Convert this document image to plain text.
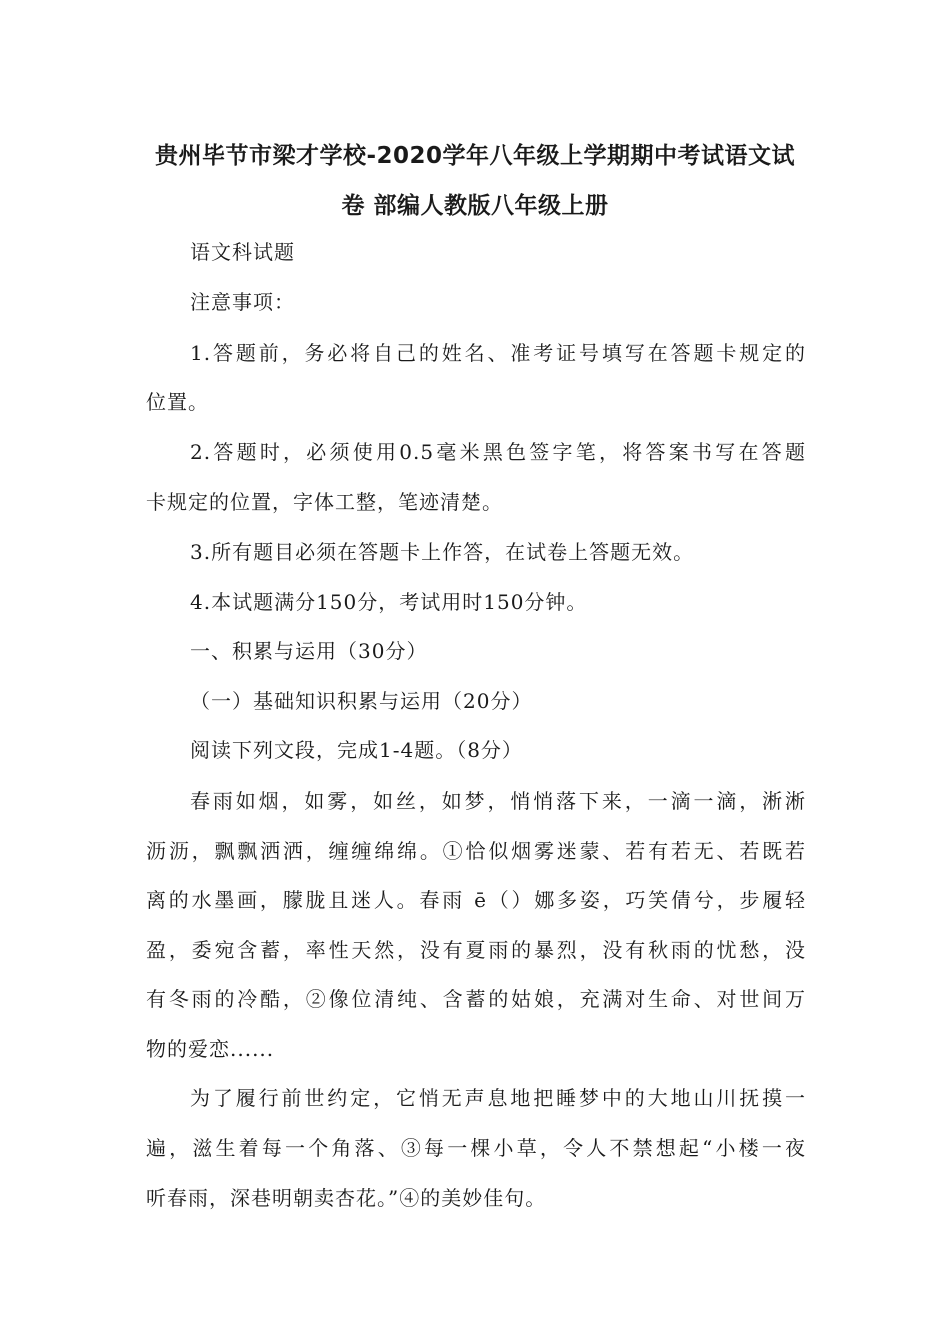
贵州毕节市梁才学校-2020学年八年级上学期期中考试语文试
卷 部编人教版八年级上册
语文科试题
注意事项：
1.答题前，务必将自己的姓名、准考证号填写在答题卡规定的
位置。
2.答题时，必须使用0.5毫米黑色签字笔，将答案书写在答题
卡规定的位置，字体工整，笔迹清楚。
3.所有题目必须在答题卡上作答，在试卷上答题无效。
4.本试题满分150分，考试用时150分钟。
一、积累与运用（30分）
（一）基础知识积累与运用（20分）
阅读下列文段，完成1-4题。（8分）
春雨如烟，如雾，如丝，如梦，悄悄落下来，一滴一滴，淅淅
沥沥，飘飘洒洒，缠缠绵绵。①恰似烟雾迷蒙、若有若无、若既若
离的水墨画，朦胧且迷人。春雨 ē（）娜多姿，巧笑倩兮，步履轻
盈，委宛含蓄，率性天然，没有夏雨的暴烈，没有秋雨的忧愁，没
有冬雨的冷酷，②像位清纯、含蓄的姑娘，充满对生命、对世间万
物的爱恋......
为了履行前世约定，它悄无声息地把睡梦中的大地山川抚摸一
遍，滋生着每一个角落、③每一棵小草，令人不禁想起“小楼一夜
听春雨，深巷明朝卖杏花。”④的美妙佳句。
